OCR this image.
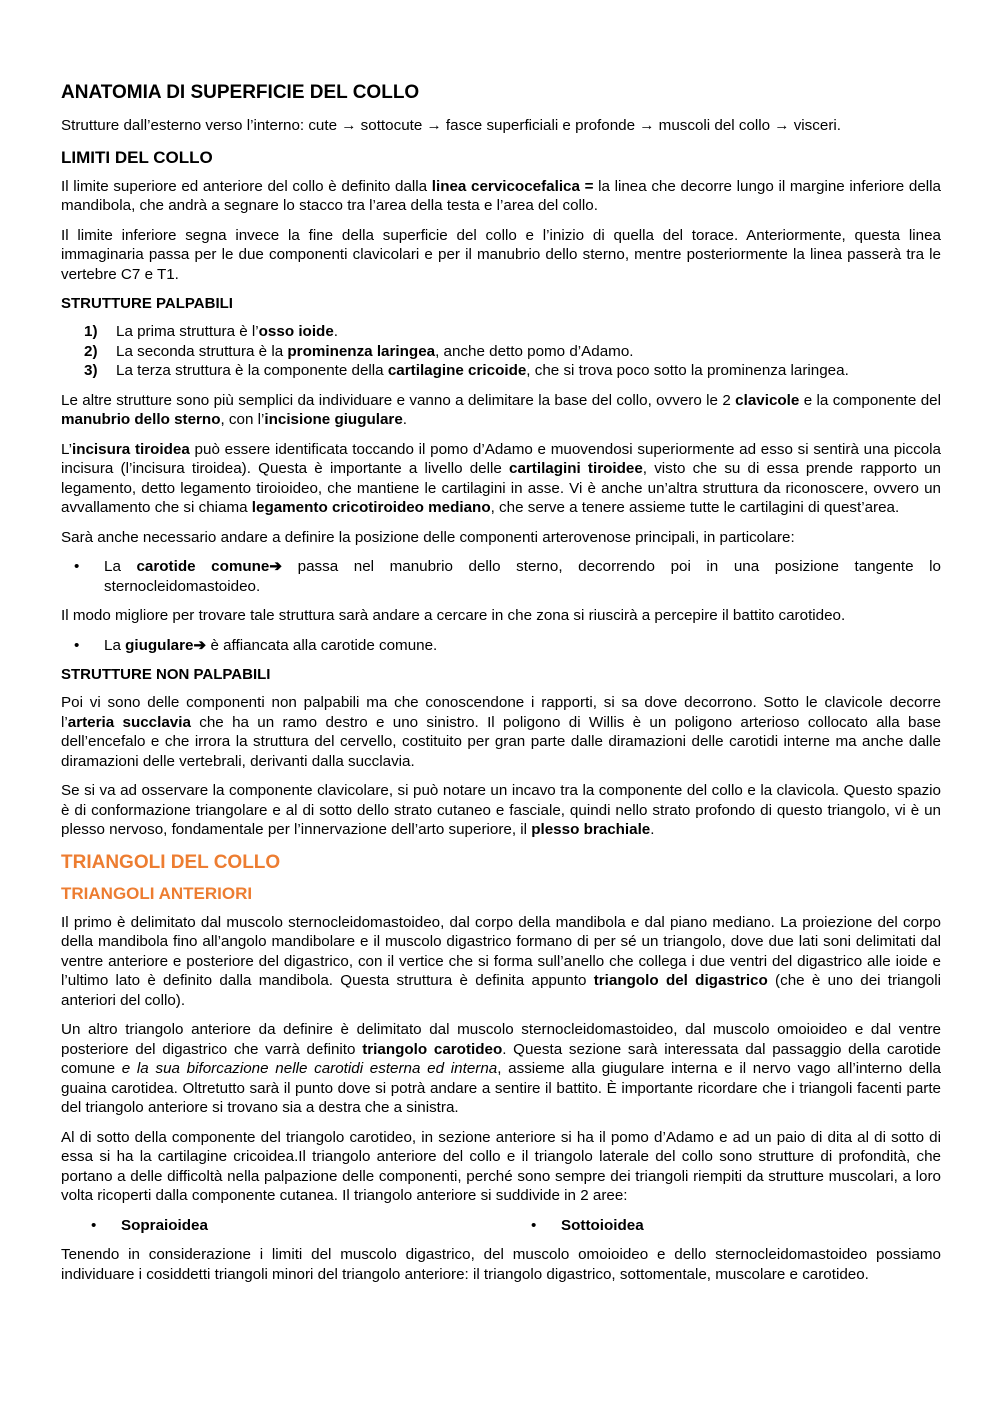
ANATOMIA DI SUPERFICIE DEL COLLO

Strutture dall’esterno verso l’interno: cute → sottocute → fasce superficiali e profonde → muscoli del collo → visceri.

LIMITI DEL COLLO

Il limite superiore ed anteriore del collo è definito dalla linea cervicocefalica = la linea che decorre lungo il margine inferiore della mandibola, che andrà a segnare lo stacco tra l’area della testa e l’area del collo.

Il limite inferiore segna invece la fine della superficie del collo e l’inizio di quella del torace. Anteriormente, questa linea immaginaria passa per le due componenti clavicolari e per il manubrio dello sterno, mentre posteriormente la linea passerà tra le vertebre C7 e T1.

STRUTTURE PALPABILI
1)	La prima struttura è l’osso ioide.
2)	La seconda struttura è la prominenza laringea, anche detto pomo d’Adamo.
3)	La terza struttura è la componente della cartilagine cricoide, che si trova poco sotto la prominenza laringea.

Le altre strutture sono più semplici da individuare e vanno a delimitare la base del collo, ovvero le 2 clavicole e la componente del manubrio dello sterno, con l’incisione giugulare.

L’incisura tiroidea può essere identificata toccando il pomo d’Adamo e muovendosi superiormente ad esso si sentirà una piccola incisura (l’incisura tiroidea). Questa è importante a livello delle cartilagini tiroidee, visto che su di essa prende rapporto un legamento, detto legamento tiroioideo, che mantiene le cartilagini in asse. Vi è anche un’altra struttura da riconoscere, ovvero un avvallamento che si chiama legamento cricotiroideo mediano, che serve a tenere assieme tutte le cartilagini di quest’area.

Sarà anche necessario andare a definire la posizione delle componenti arterovenose principali, in particolare:

•	La carotide comune➔ passa nel manubrio dello sterno, decorrendo poi in una posizione tangente lo sternocleidomastoideo.

Il modo migliore per trovare tale struttura sarà andare a cercare in che zona si riuscirà a percepire il battito carotideo.

•	La giugulare➔ è affiancata alla carotide comune.
STRUTTURE NON PALPABILI

Poi vi sono delle componenti non palpabili ma che conoscendone i rapporti, si sa dove decorrono. Sotto le clavicole decorre l’arteria succlavia che ha un ramo destro e uno sinistro. Il poligono di Willis è un poligono arterioso collocato alla base dell’encefalo e che irrora la struttura del cervello, costituito per gran parte dalle diramazioni delle carotidi interne ma anche dalle diramazioni delle vertebrali, derivanti dalla succlavia.

Se si va ad osservare la componente clavicolare, si può notare un incavo tra la componente del collo e la clavicola. Questo spazio è di conformazione triangolare e al di sotto dello strato cutaneo e fasciale, quindi nello strato profondo di questo triangolo, vi è un plesso nervoso, fondamentale per l’innervazione dell’arto superiore, il plesso brachiale.

TRIANGOLI DEL COLLO
TRIANGOLI ANTERIORI

Il primo è delimitato dal muscolo sternocleidomastoideo, dal corpo della mandibola e dal piano mediano. La proiezione del corpo della mandibola fino all’angolo mandibolare e il muscolo digastrico formano di per sé un triangolo, dove due lati soni delimitati dal ventre anteriore e posteriore del digastrico, con il vertice che si forma sull’anello che collega i due ventri del digastrico alle ioide e l’ultimo lato è definito dalla mandibola. Questa struttura è definita appunto triangolo del digastrico (che è uno dei triangoli anteriori del collo).

Un altro triangolo anteriore da definire è delimitato dal muscolo sternocleidomastoideo, dal muscolo omoioideo e dal ventre posteriore del digastrico che varrà definito triangolo carotideo. Questa sezione sarà interessata dal passaggio della carotide comune e la sua biforcazione nelle carotidi esterna ed interna, assieme alla giugulare interna e il nervo vago all’interno della guaina carotidea. Oltretutto sarà il punto dove si potrà andare a sentire il battito. È importante ricordare che i triangoli facenti parte del triangolo anteriore si trovano sia a destra che a sinistra.

Al di sotto della componente del triangolo carotideo, in sezione anteriore si ha il pomo d’Adamo e ad un paio di dita al di sotto di essa si ha la cartilagine cricoidea.Il triangolo anteriore del collo e il triangolo laterale del collo sono strutture di profondità, che portano a delle difficoltà nella palpazione delle componenti, perché sono sempre dei triangoli riempiti da strutture muscolari, a loro volta ricoperti dalla componente cutanea. Il triangolo anteriore si suddivide in 2 aree:

•	Sopraioidea	•	Sottoioidea

Tenendo in considerazione i limiti del muscolo digastrico, del muscolo omoioideo e dello sternocleidomastoideo possiamo individuare i cosiddetti triangoli minori del triangolo anteriore: il triangolo digastrico, sottomentale, muscolare e carotideo.
